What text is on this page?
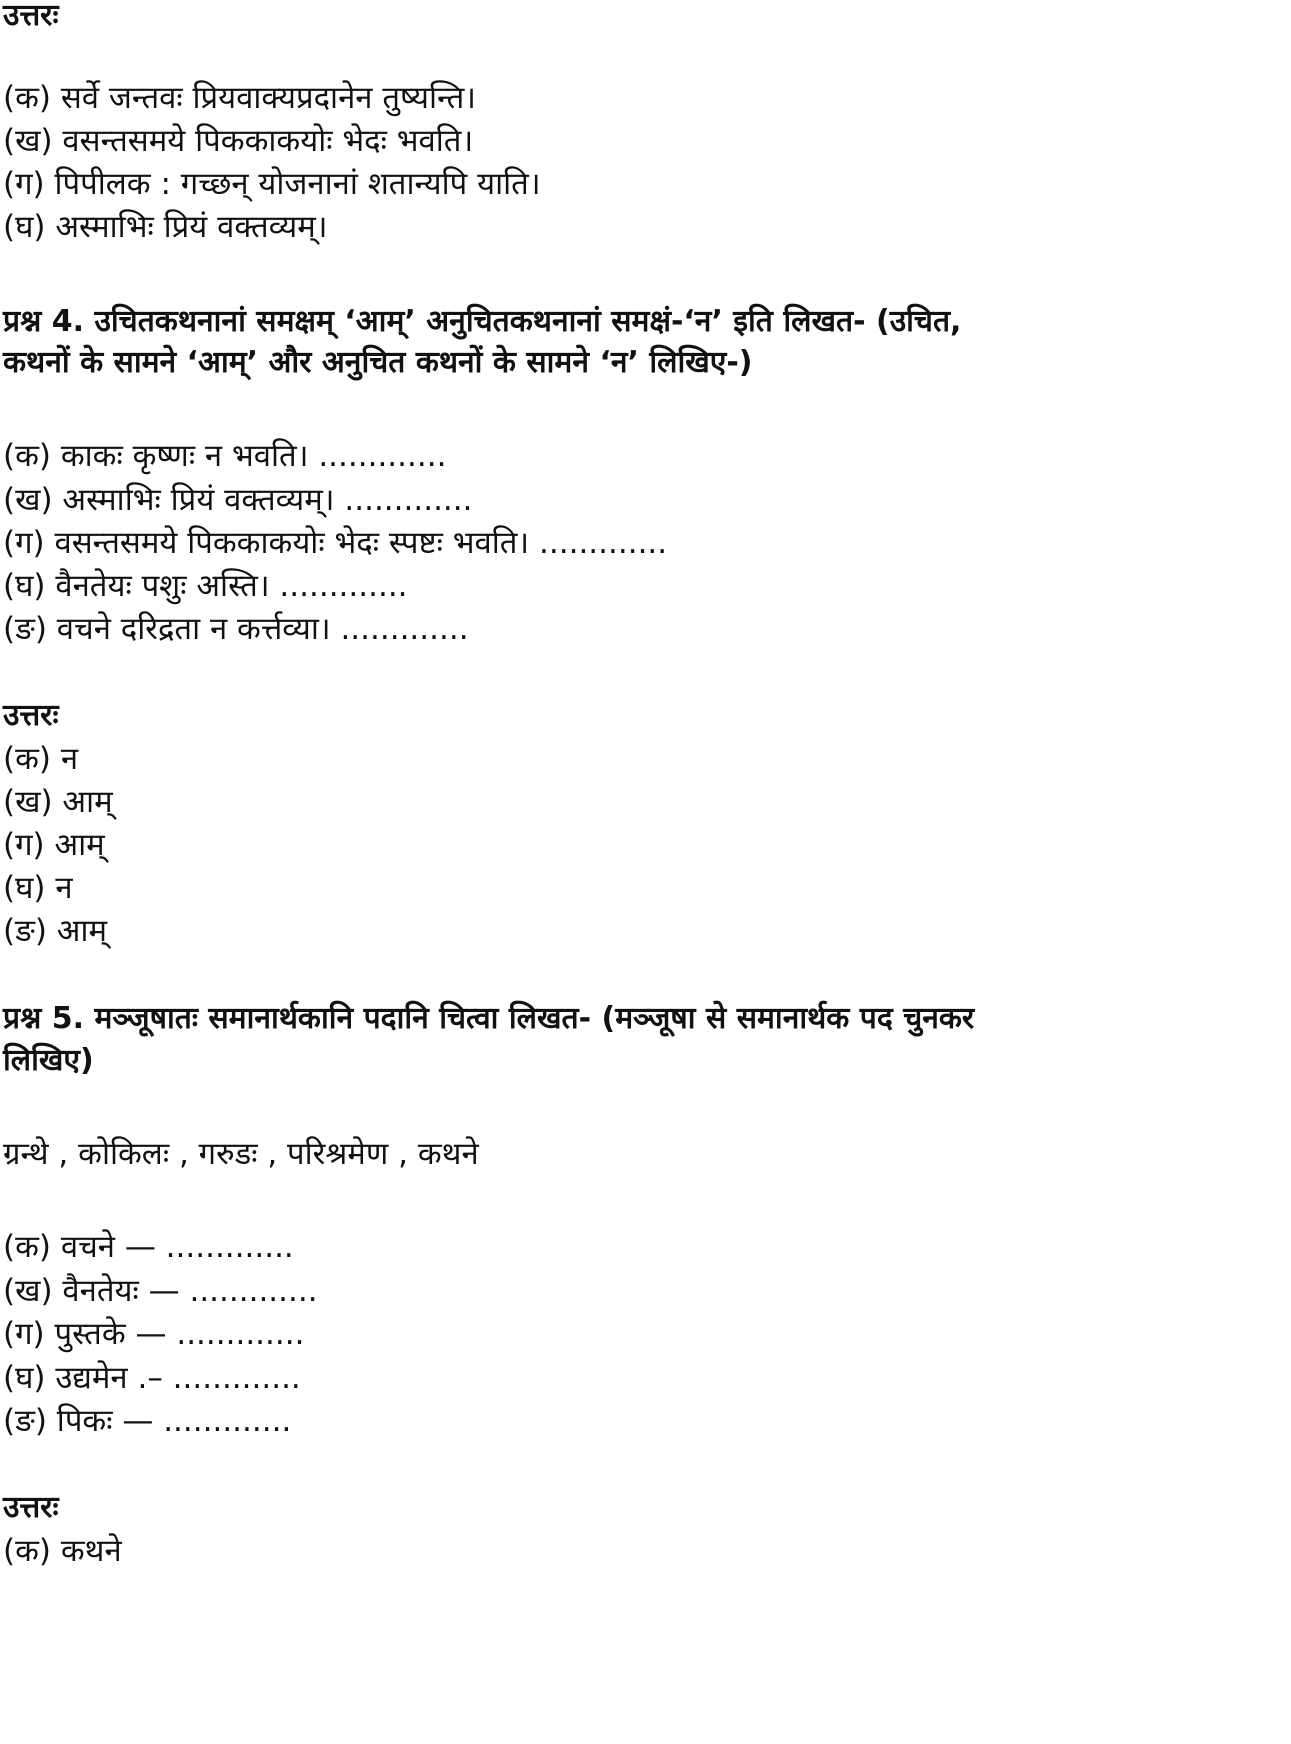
उत्तरः
(क) सर्वे जन्तवः प्रियवाक्यप्रदानेन तुष्यन्ति।
(ख) वसन्तसमये पिककाकयोः भेदः भवति।
(ग) पिपीलक : गच्छन् योजनानां शतान्यपि याति।
(घ) अस्माभिः प्रियं वक्तव्यम्।
प्रश्न 4. उचितकथनानां समक्षम् ‘आम्’ अनुचितकथनानां समक्षं-‘न’ इति लिखत- (उचित,
कथनों के सामने ‘आम्’ और अनुचित कथनों के सामने ‘न’ लिखिए-)
(क) काकः कृष्णः न भवति। .............
(ख) अस्माभिः प्रियं वक्तव्यम्। .............
(ग) वसन्तसमये पिककाकयोः भेदः स्पष्टः भवति। .............
(घ) वैनतेयः पशुः अस्ति। .............
(ङ) वचने दरिद्रता न कर्त्तव्या। .............
उत्तरः
(क) न
(ख) आम्
(ग) आम्
(घ) न
(ङ) आम्
प्रश्न 5. मञ्जूषातः समानार्थकानि पदानि चित्वा लिखत- (मञ्जूषा से समानार्थक पद चुनकर
लिखिए)
ग्रन्थे , कोकिलः , गरुडः , परिश्रमेण , कथने
(क) वचने — .............
(ख) वैनतेयः — .............
(ग) पुस्तके — .............
(घ) उद्यमेन .– .............
(ङ) पिकः — .............
उत्तरः
(क) कथने
